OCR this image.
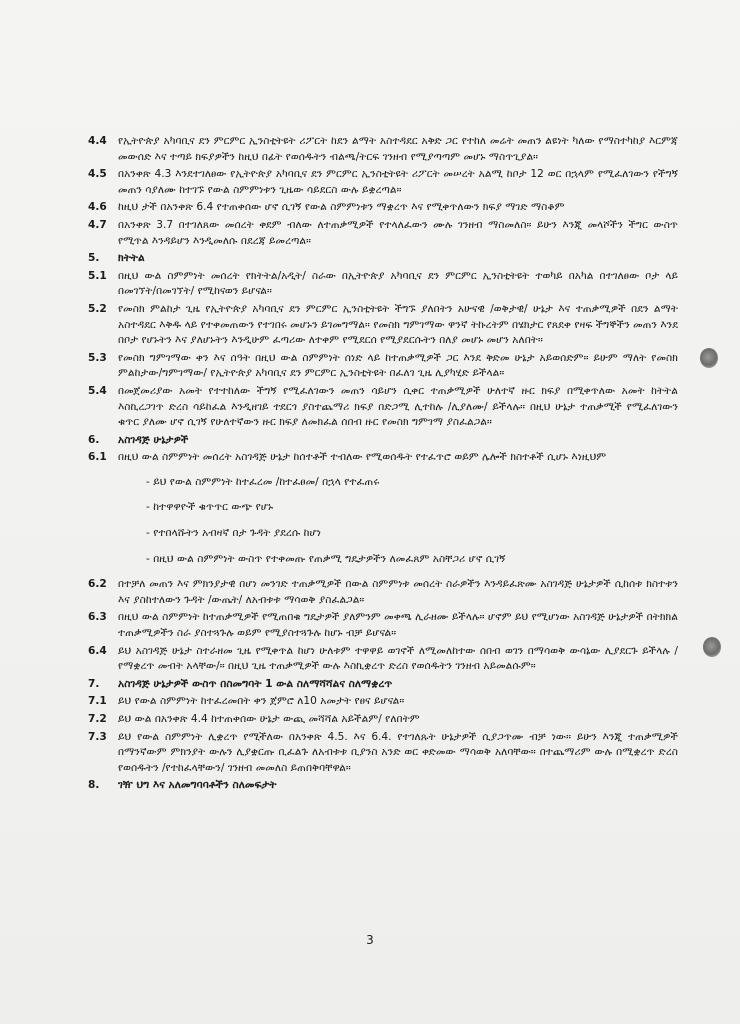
4.4	የኢትዮጵያ አካባቢና ደን ምርምር ኢንስቲትዩት ሪፖርት ከደን ልማት አስተዳደር አቅድ ጋር የተከለ መሬት መጠን ልዩነት ካለው የማስተካከያ እርምጃ መውሰድ እና ተጣይ ክፍያዎችን ከዚህ በፊት የወሰዱትን ብልጫ/ትርፍ ገንዘብ የሚያጣጣም መሆኑ ማስጥጊያል።
4.5	በአንቀጽ 4.3 እንደተገለፀው የኢትዮጵያ አካባቢና ደን ምርምር ኢንስቲትዩት ሪፖርት መሠረት አልሚ ከቦታ 12 ወር በኋላም የሚፈለገውን የችግኝ መጠን ሳያለሙ ከተገኙ የውል ስምምነቱን ጊዜው ሳይደርስ ውሉ ይቋረጣል።
4.6	ከዚህ ታች በአንቀጽ 6.4 የተጠቀሰው ሆኖ ሲገኝ የውል ስምምነቱን ማቋረጥ እና የሚቀጥለውን ክፍያ ማገድ ማስቆም
4.7	በአንቀጽ 3.7 በተገለጸው መሰረት ቀደም ብለው ለተጠቃሚዎች የተላለፈውን ሙሉ ገንዘብ ማስመለስ። ይሁን እንጂ መላሾችን ችግር ውስጥ የሚጥል እንዳይሆን እንዲመለሱ በደረጃ ይመረጣል።
5.	ክትትል
5.1	በዚህ ውል ስምምነት መሰረት የክትትል/አዲት/ ስራው በኢትዮጵያ አካባቢና ደን ምርምር ኢንስቲትዩት ተወካይ በአካል በተገለፀው ቦታ ላይ በመገኘት/በመገኘት/ የሚከናወን ይሆናል።
5.2	የመስክ ምልከታ ጊዜ የኢትዮጵያ አካባቢና ደን ምርምር ኢንስቲትዩት ችግኙ ያለበትን አሁናዊ /ወቅታዊ/ ሁኔታ እና ተጠቃሚዎች በደን ልማት አስተዳደር እቅዱ ላይ የተቀመጠውን የተገበሩ መሆኑን ይገመግማል። የመስክ ግምገማው ዋንኛ ትኩረትም በሄክታር የጸደቀ የዛፍ ችግኞችን መጠን እንደ በቦታ የሆኑትን እና ያለሆኑትን እንዲሁም ፈጣሪው ለተቀም የሚደርሰ የሚያደርሱትን በለያ መሆኑ መሆን አለበት።
5.3	የመስክ ግምገማው ቀን እና ሰዓት በዚህ ውል ስምምነት ሰነድ ላይ ከተጠቃሚዎች ጋር እንደ ቅድመ ሁኔታ አይወሰድም። ይሁም ማለት የመስክ ምልከታው/ግምገማው/ የኢትዮጵያ አካባቢና ደን ምርምር ኢንስቲትዩት በፈለገ ጊዜ ሊያካሂድ ይችላል።
5.4	በመጀመሪያው አመት የተተከለው ችግኝ የሚፈለገውን መጠን ሳይሆን ሲቀር ተጠቃሚዎች ሁለተኛ ዙር ክፍያ በሚቀጥለው አመት ከትትል እስኪረጋገጥ ድረስ ሳይከፈል እንዲዘገይ ተደርጎ ያስተጨማሪ ክፍያ በድጋሚ ሊተከሉ /ሊያለሙ/ ይችላሉ። በዚህ ሁኔታ ተጠቃሚች የሚፈለገውን ቁጥር ያለሙ ሆኖ ሲገኝ የሁለተኛውን ዙር ክፍያ ለመክፈል ሰበብ ዙር የመስክ ግምገማ ያስፈልጋል።
6.	አስገዳጅ ሁኔታዎች
6.1	በዚህ ውል ስምምነት መሰረት አስገዳጅ ሁኔታ ከሰተቶች ተብለው የሚወሰዱት የተፈጥሮ ወይም ሌሎች ክስተቶች ሲሆኑ እነዚህም
- ይህ የውል ስምምነት ከተፈረመ /ከተፈፀመ/ በኋላ የተፈጠሩ
- ከተዋዋዮች ቁጥጥር ውጭ የሆኑ
- የተበላሹትን አብዛኛ በታ ጉዳት ያደረሱ ከሆነ
- በዚህ ውል ስምምነት ውስጥ የተቀመጡ የጠቃሚ ግዴታዎችን ለመፈጸም አስቸጋሪ ሆኖ ሲገኝ
6.2	በተቻለ መጠን እና ምክንያታዊ በሆነ መንገድ ተጠቃሚዎች በውል ስምምነቱ መሰረት ስራዎችን እንዳይፈጽሙ አስገዳጅ ሁኔታዎች ሲከሰቱ ክስተቱን እና ያስከተለውን ጉዳት /ውጤት/ ለአብቱቱ ማሳወቅ ያስፈልጋል።
6.3	በዚህ ውል ስምምነት ከተጠቃሚዎች የሚጠበቁ ግዴታዎች ያለምንም መቀጫ ሊራዘሙ ይችላሉ። ሆኖም ይህ የሚሆነው አስገዳጅ ሁኔታዎች በትክክል ተጠቃሚዎችን ስራ ያስተጓጉሉ ወይም የሚያስተጓጉሉ ከሆኑ ብቻ ይሆናል።
6.4	ይህ አስገዳጅ ሁኔታ ስተራዘመ ጊዜ የሚቀጥል ከሆነ ሁለቱም ተዋዋይ ወገኖች ለሚመለከተው ሰበብ ወገን በማሳወቅ ውሳኔው ሊያደርጉ ይችላሉ /የማቋረጥ መብት አላቸው/። በዚህ ጊዜ ተጠቃሚዎች ውሉ እስኪቋረጥ ድረስ የወሰዱትን ገንዘብ አይመልሱም።
7.	አስገዳጅ ሁኔታዎች ውስጥ በስመግባት 1 ውል ስለማሻሻልና ስለማቋረጥ
7.1	ይህ የውል ስምምነት ከተፈረመበት ቀን ጀምሮ ለ10 አመታት የፀና ይሆናል።
7.2	ይህ ውል በአንቀጽ 4.4 ከተጠቀሰው ሁኔታ ውጪ መሻሻል አይችልም/ የለበትም
7.3	ይህ የውል ስምምነት ሊቋረጥ የሚችለው በአንቀጽ 4.5. እና 6.4. የተገለጹት ሁኔታዎች ሲያጋጥሙ ብቻ ነው። ይሁን እንጂ ተጠቃሚዎች በማንኛውም ምክንያት ውሉን ሊያቋርጡ ቢፈልጉ ለአብቱቱ ቢያንስ አንድ ወር ቀድመው ማሳወቅ አለባቸው። በተጨማሪም ውሉ በሚቋረጥ ድረስ የወሰዱትን /የተከፈላቸውን/ ገንዘብ መመለስ ይጠበቅባቸዋል።
8.	ገዥ ህግ እና አለመግባባቶችን ስለመፍታት
3
